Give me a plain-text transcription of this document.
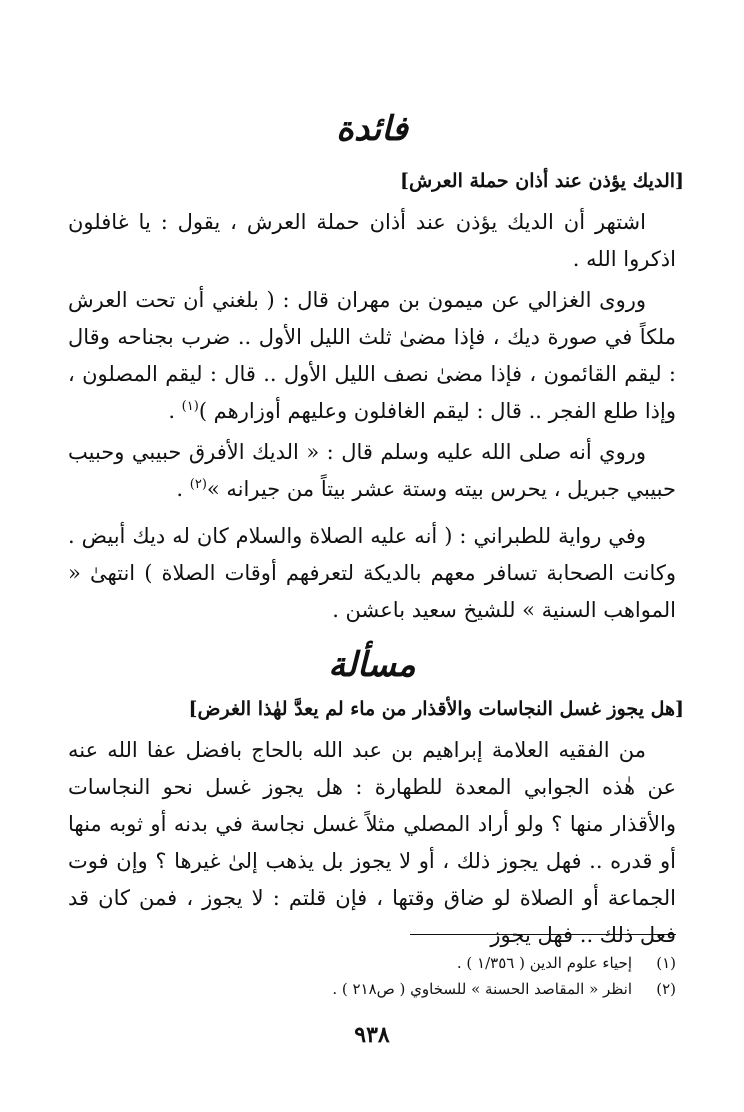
فائدة
[الديك يؤذن عند أذان حملة العرش]

اشتهر أن الديك يؤذن عند أذان حملة العرش ، يقول : يا غافلون اذكروا الله .

وروى الغزالي عن ميمون بن مهران قال : ( بلغني أن تحت العرش ملكاً في صورة ديك ، فإذا مضىٰ ثلث الليل الأول .. ضرب بجناحه وقال : ليقم القائمون ، فإذا مضىٰ نصف الليل الأول .. قال : ليقم المصلون ، وإذا طلع الفجر .. قال : ليقم الغافلون وعليهم أوزارهم )$^{(١)}$ .

وروي أنه صلى الله عليه وسلم قال : « الديك الأفرق حبيبي وحبيب حبيبي جبريل ، يحرس بيته وستة عشر بيتاً من جيرانه »$^{(٢)}$ .

وفي رواية للطبراني : ( أنه عليه الصلاة والسلام كان له ديك أبيض . وكانت الصحابة تسافر معهم بالديكة لتعرفهم أوقات الصلاة ) انتهىٰ « المواهب السنية » للشيخ سعيد باعشن .

مسألة
[هل يجوز غسل النجاسات والأقذار من ماء لم يعدَّ لهٰذا الغرض]

من الفقيه العلامة إبراهيم بن عبد الله بالحاج بافضل عفا الله عنه عن هٰذه الجوابي المعدة للطهارة : هل يجوز غسل نحو النجاسات والأقذار منها ؟ ولو أراد المصلي مثلاً غسل نجاسة في بدنه أو ثوبه منها أو قدره .. فهل يجوز ذلك ، أو لا يجوز بل يذهب إلىٰ غيرها ؟ وإن فوت الجماعة أو الصلاة لو ضاق وقتها ، فإن قلتم : لا يجوز ، فمن كان قد فعل ذلك .. فهل يجوز

(١)إحياء علوم الدين ( ١/٣٥٦ ) .
(٢)انظر « المقاصد الحسنة » للسخاوي ( ص٢١٨ ) .
٩٣٨
